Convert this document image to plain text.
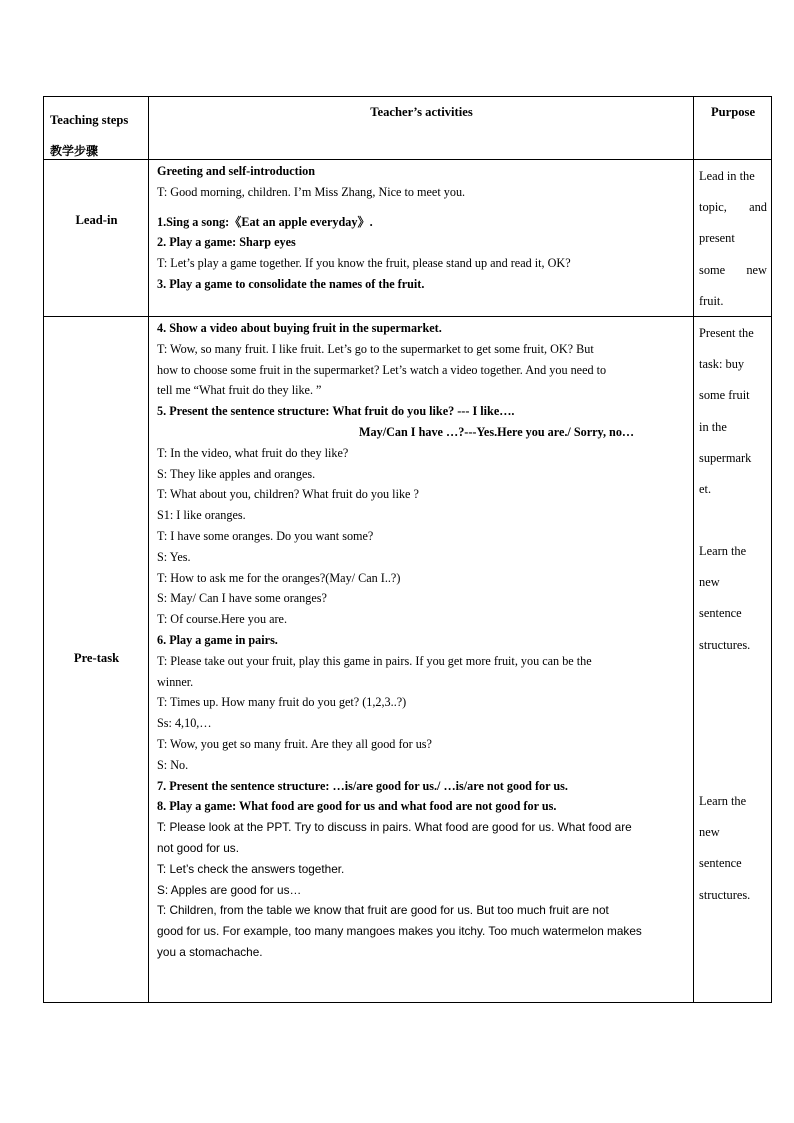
Teaching steps
教学步骤
Teacher’s activities	Purpose
Lead-in
Greeting and self-introduction
T: Good morning, children. I’m Miss Zhang, Nice to meet you.
1.Sing a song:《Eat an apple everyday》.
2. Play a game: Sharp eyes
T: Let’s play a game together. If you know the fruit, please stand up and read it, OK?
3. Play a game to consolidate the names of the fruit.
Lead in the
topic, and
present
some new
fruit.
Pre-task
4. Show a video about buying fruit in the supermarket.
T: Wow, so many fruit. I like fruit. Let’s go to the supermarket to get some fruit, OK? But
how to choose some fruit in the supermarket? Let’s watch a video together. And you need to
tell me “What fruit do they like. ”
5. Present the sentence structure: What fruit do you like? --- I like….
May/Can I have …?---Yes.Here you are./ Sorry, no…
T: In the video, what fruit do they like?
S: They like apples and oranges.
T: What about you, children? What fruit do you like ?
S1: I like oranges.
T: I have some oranges. Do you want some?
S: Yes.
T: How to ask me for the oranges?(May/ Can I..?)
S: May/ Can I have some oranges?
T: Of course.Here you are.
6. Play a game in pairs.
T: Please take out your fruit, play this game in pairs. If you get more fruit, you can be the
winner.
T: Times up. How many fruit do you get? (1,2,3..?)
Ss: 4,10,…
T: Wow, you get so many fruit. Are they all good for us?
S: No.
7. Present the sentence structure: …is/are good for us./ …is/are not good for us.
8. Play a game: What food are good for us and what food are not good for us.
T: Please look at the PPT. Try to discuss in pairs. What food are good for us. What food are
not good for us.
T: Let’s check the answers together.
S: Apples are good for us…
T: Children, from the table we know that fruit are good for us. But too much fruit are not
good for us. For example, too many mangoes makes you itchy. Too much watermelon makes
you a stomachache.
Present the
task: buy
some fruit
in the
supermark
et.
Learn the
new
sentence
structures.
Learn the
new
sentence
structures.
